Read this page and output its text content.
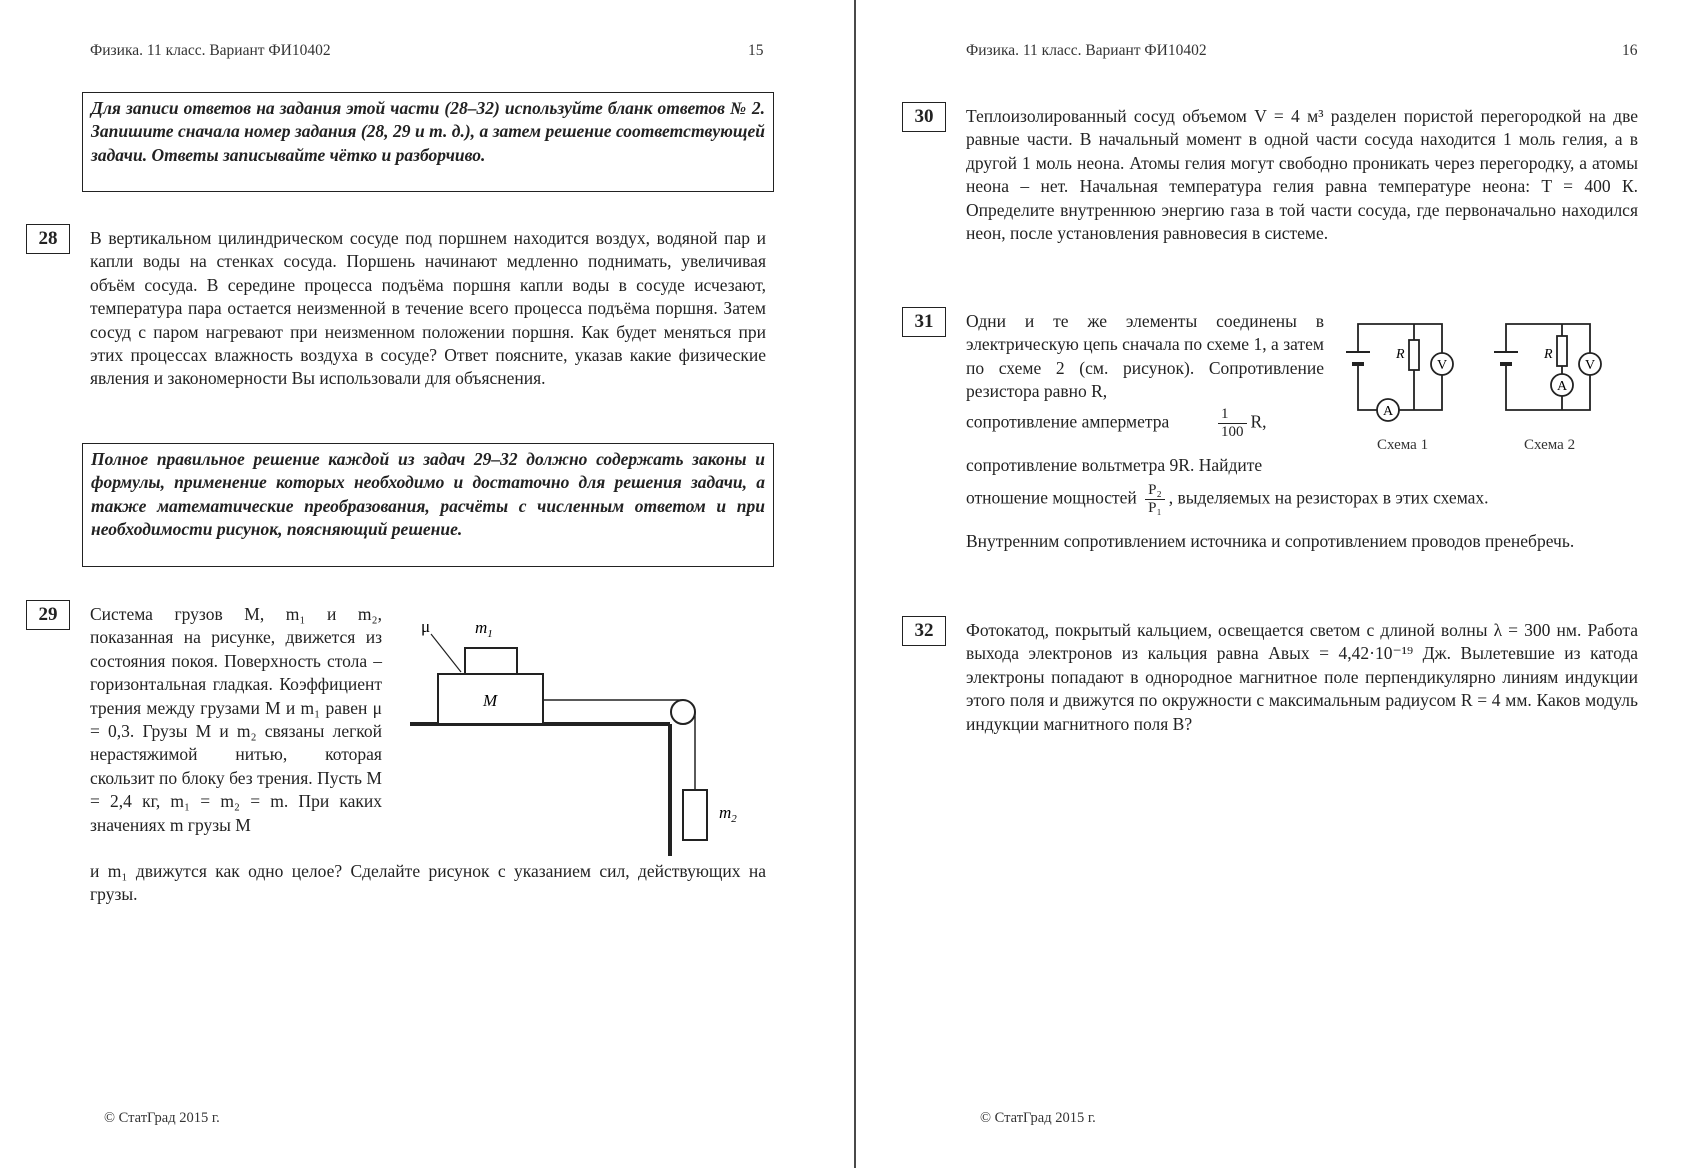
Физика. 11 класс. Вариант ФИ10402	15
Для записи ответов на задания этой части (28–32) используйте бланк ответов № 2. Запишите сначала номер задания (28, 29 и т. д.), а затем решение соответствующей задачи. Ответы записывайте чётко и разборчиво.
28	В вертикальном цилиндрическом сосуде под поршнем находится воздух, водяной пар и капли воды на стенках сосуда. Поршень начинают медленно поднимать, увеличивая объём сосуда. В середине процесса подъёма поршня капли воды в сосуде исчезают, температура пара остается неизменной в течение всего процесса подъёма поршня. Затем сосуд с паром нагревают при неизменном положении поршня. Как будет меняться при этих процессах влажность воздуха в сосуде? Ответ поясните, указав какие физические явления и закономерности Вы использовали для объяснения.

Полное правильное решение каждой из задач 29–32 должно содержать законы и формулы, применение которых необходимо и достаточно для решения задачи, а также математические преобразования, расчёты с численным ответом и при необходимости рисунок, поясняющий решение.
29	Система грузов M, m₁ и m₂, показанная на рисунке, движется из состояния покоя. Поверхность стола – горизонтальная гладкая. Коэффициент трения между грузами M и m₁ равен μ = 0,3. Грузы M и m₂ связаны легкой нерастяжимой нитью, которая скользит по блоку без трения. Пусть M = 2,4 кг, m₁ = m₂ = m. При каких значениях m грузы M

и m₁ движутся как одно целое? Сделайте рисунок с указанием сил, действующих на грузы.

μ	$m_1$
M
$m_2$
© СтатГрад 2015 г.
Физика. 11 класс. Вариант ФИ10402	16
30	Теплоизолированный сосуд объемом V = 4 м³ разделен пористой перегородкой на две равные части. В начальный момент в одной части сосуда находится 1 моль гелия, а в другой 1 моль неона. Атомы гелия могут свободно проникать через перегородку, а атомы неона – нет. Начальная температура гелия равна температуре неона: T = 400 К. Определите внутреннюю энергию газа в той части сосуда, где первоначально находился неон, после установления равновесия в системе.

31	Одни и те же элементы соединены в электрическую цепь сначала по схеме 1, а затем по схеме 2 (см. рисунок). Сопротивление резистора равно R,

сопротивление амперметра	$\frac{1}{100} R$,

сопротивление вольтметра 9R. Найдите

отношение мощностей $\frac{\text{P₂}}{\text{P₁}}$ , выделяемых на резисторах в этих схемах.

Внутренним сопротивлением источника и сопротивлением проводов пренебречь.

V
A
R
V
A
R
Схема 1	Схема 2
32	Фотокатод, покрытый кальцием, освещается светом с длиной волны λ = 300 нм. Работа выхода электронов из кальция равна Aвых = 4,42·10⁻¹⁹ Дж. Вылетевшие из катода электроны попадают в однородное магнитное поле перпендикулярно линиям индукции этого поля и движутся по окружности с максимальным радиусом R = 4 мм. Каков модуль индукции магнитного поля B?

© СтатГрад 2015 г.
